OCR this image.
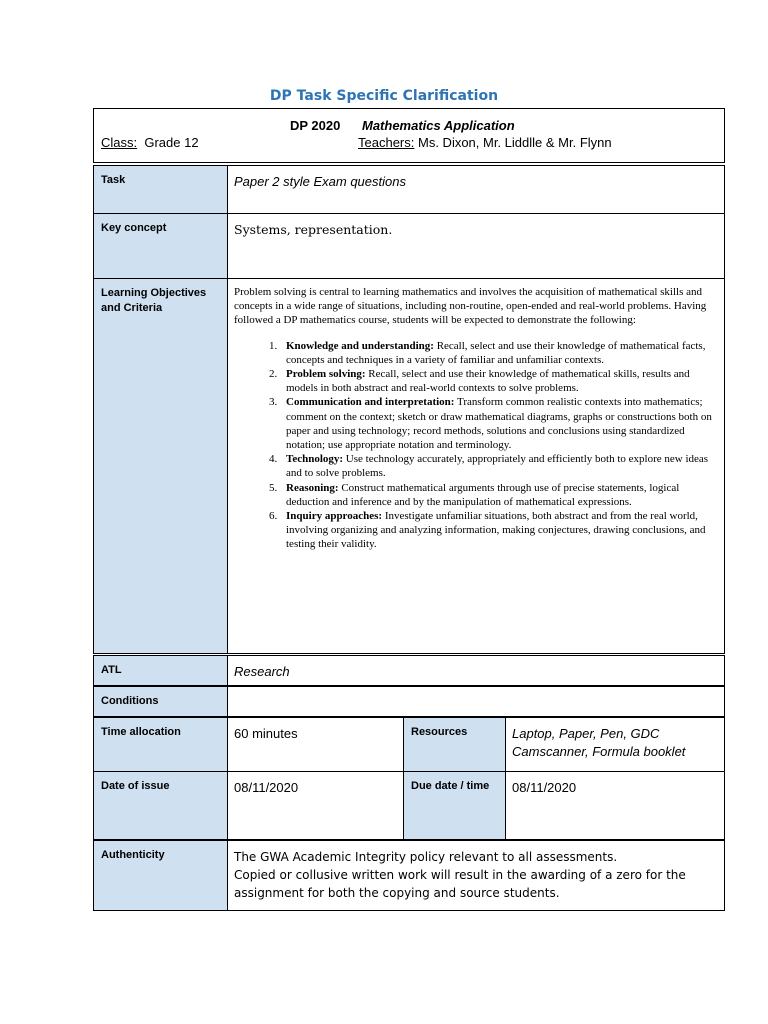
DP Task Specific Clarification
DP 2020 Mathematics Application
Class: Grade 12	Teachers: Ms. Dixon, Mr. Liddlle & Mr. Flynn
Task	Paper 2 style Exam questions
Key concept	Systems, representation.
Learning Objectives and Criteria

Problem solving is central to learning mathematics and involves the acquisition of mathematical skills and concepts in a wide range of situations, including non-routine, open-ended and real-world problems. Having followed a DP mathematics course, students will be expected to demonstrate the following:

1. Knowledge and understanding: Recall, select and use their knowledge of mathematical facts, concepts and techniques in a variety of familiar and unfamiliar contexts.
2. Problem solving: Recall, select and use their knowledge of mathematical skills, results and models in both abstract and real-world contexts to solve problems.
3. Communication and interpretation: Transform common realistic contexts into mathematics; comment on the context; sketch or draw mathematical diagrams, graphs or constructions both on paper and using technology; record methods, solutions and conclusions using standardized notation; use appropriate notation and terminology.
4. Technology: Use technology accurately, appropriately and efficiently both to explore new ideas and to solve problems.
5. Reasoning: Construct mathematical arguments through use of precise statements, logical deduction and inference and by the manipulation of mathematical expressions.
6. Inquiry approaches: Investigate unfamiliar situations, both abstract and from the real world, involving organizing and analyzing information, making conjectures, drawing conclusions, and testing their validity.
ATL	Research
Conditions
Time allocation	60 minutes	Resources	Laptop, Paper, Pen, GDC Camscanner, Formula booklet
Date of issue	08/11/2020	Due date / time	08/11/2020
Authenticity	The GWA Academic Integrity policy relevant to all assessments.
Copied or collusive written work will result in the awarding of a zero for the assignment for both the copying and source students.
